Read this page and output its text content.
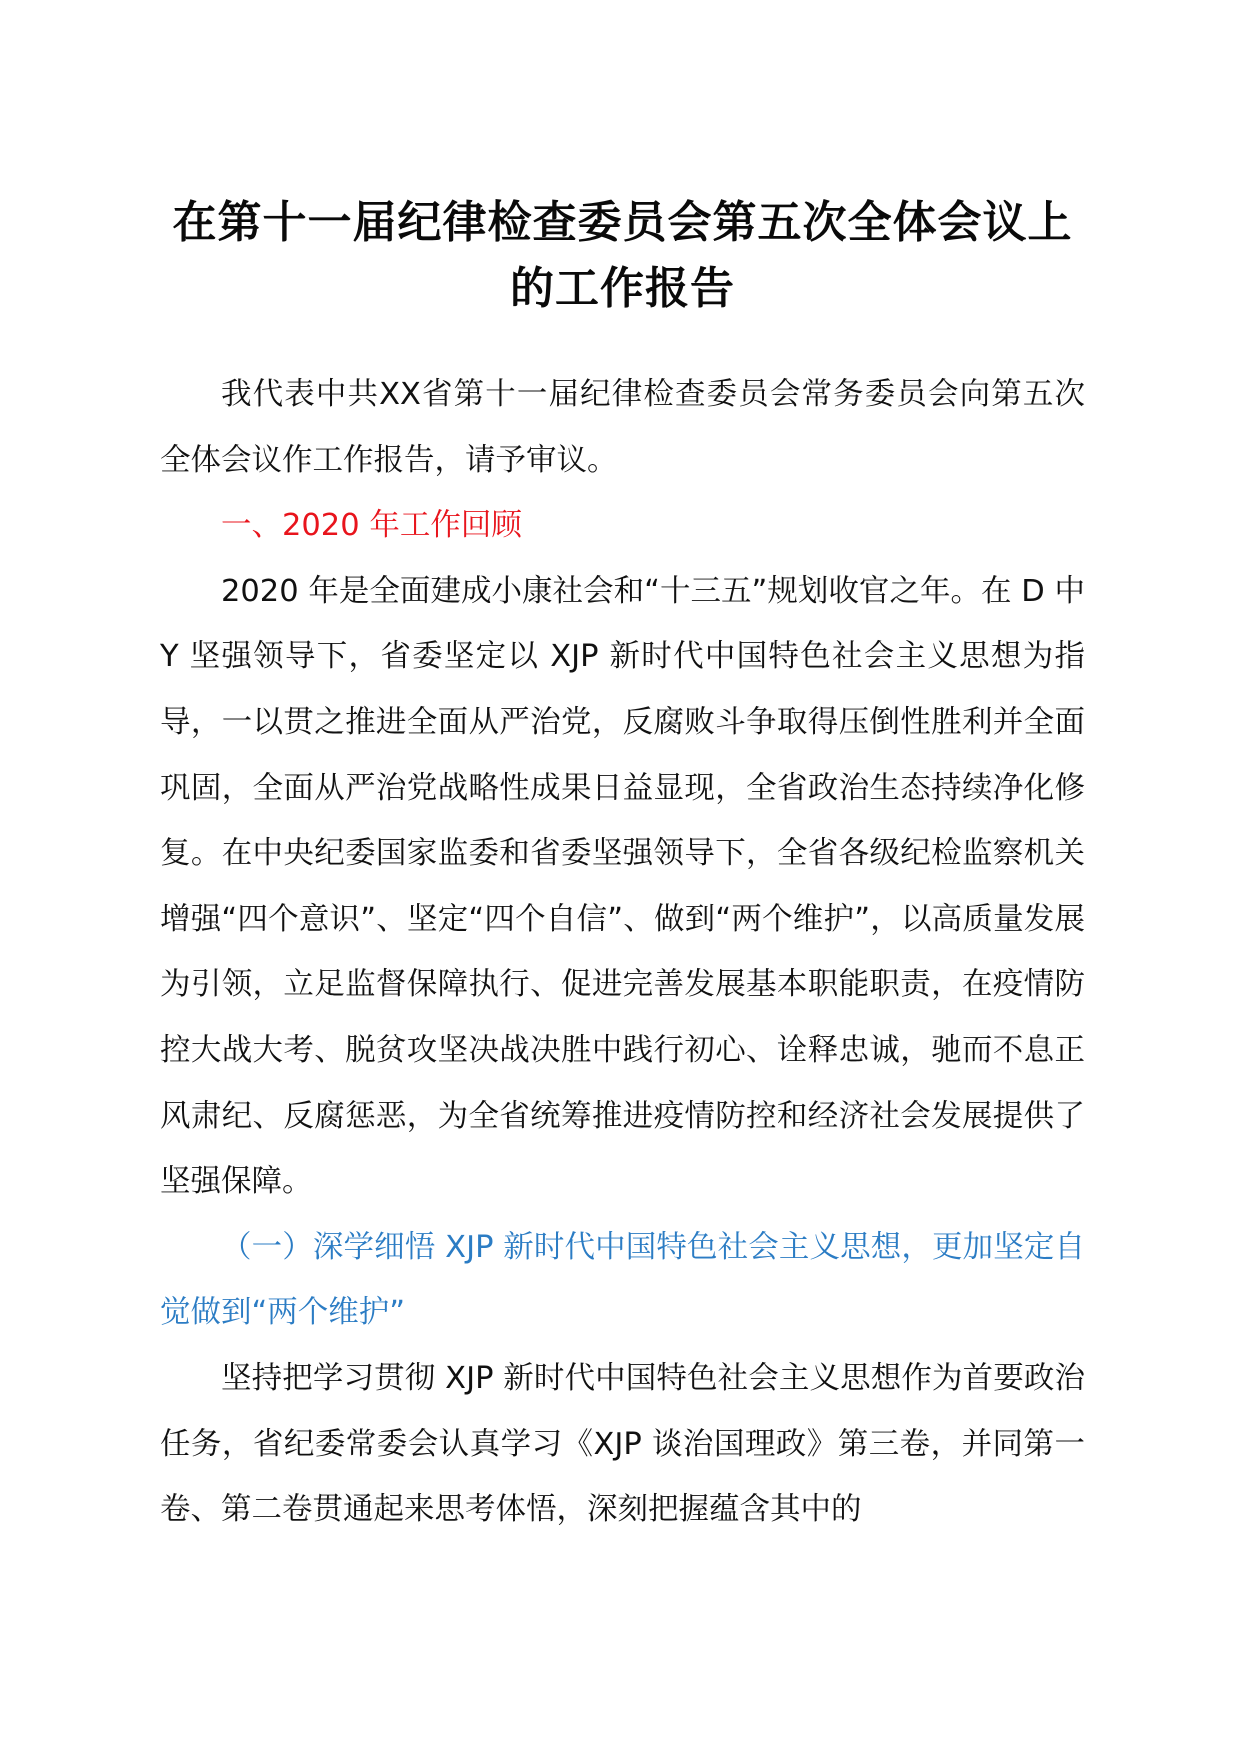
在第十一届纪律检查委员会第五次全体会议上
的工作报告

我代表中共XX省第十一届纪律检查委员会常务委员会向第五次全体会议作工作报告，请予审议。

一、2020 年工作回顾

2020 年是全面建成小康社会和“十三五”规划收官之年。在 D 中 Y 坚强领导下，省委坚定以 XJP 新时代中国特色社会主义思想为指导，一以贯之推进全面从严治党，反腐败斗争取得压倒性胜利并全面巩固，全面从严治党战略性成果日益显现，全省政治生态持续净化修复。在中央纪委国家监委和省委坚强领导下，全省各级纪检监察机关增强“四个意识”、坚定“四个自信”、做到“两个维护”，以高质量发展为引领，立足监督保障执行、促进完善发展基本职能职责，在疫情防控大战大考、脱贫攻坚决战决胜中践行初心、诠释忠诚，驰而不息正风肃纪、反腐惩恶，为全省统筹推进疫情防控和经济社会发展提供了坚强保障。

（一）深学细悟 XJP 新时代中国特色社会主义思想，更加坚定自觉做到“两个维护”

坚持把学习贯彻 XJP 新时代中国特色社会主义思想作为首要政治任务，省纪委常委会认真学习《XJP 谈治国理政》第三卷，并同第一卷、第二卷贯通起来思考体悟，深刻把握蕴含其中的
